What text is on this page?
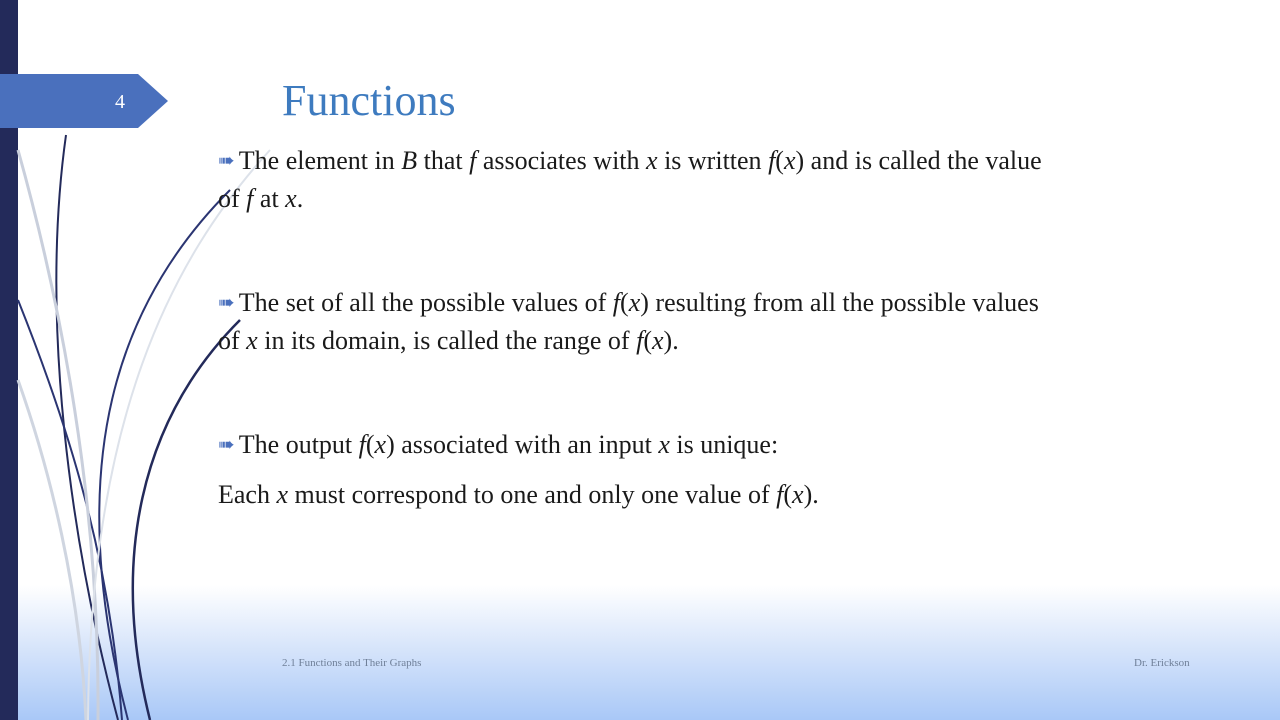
4	Functions

➠ The element in B that f associates with x is written f(x) and is called the value of f at x.

➠ The set of all the possible values of f(x) resulting from all the possible values of x in its domain, is called the range of f(x).

➠ The output f(x) associated with an input x is unique:

Each x must correspond to one and only one value of f(x).

2.1 Functions and Their Graphs	Dr. Erickson
